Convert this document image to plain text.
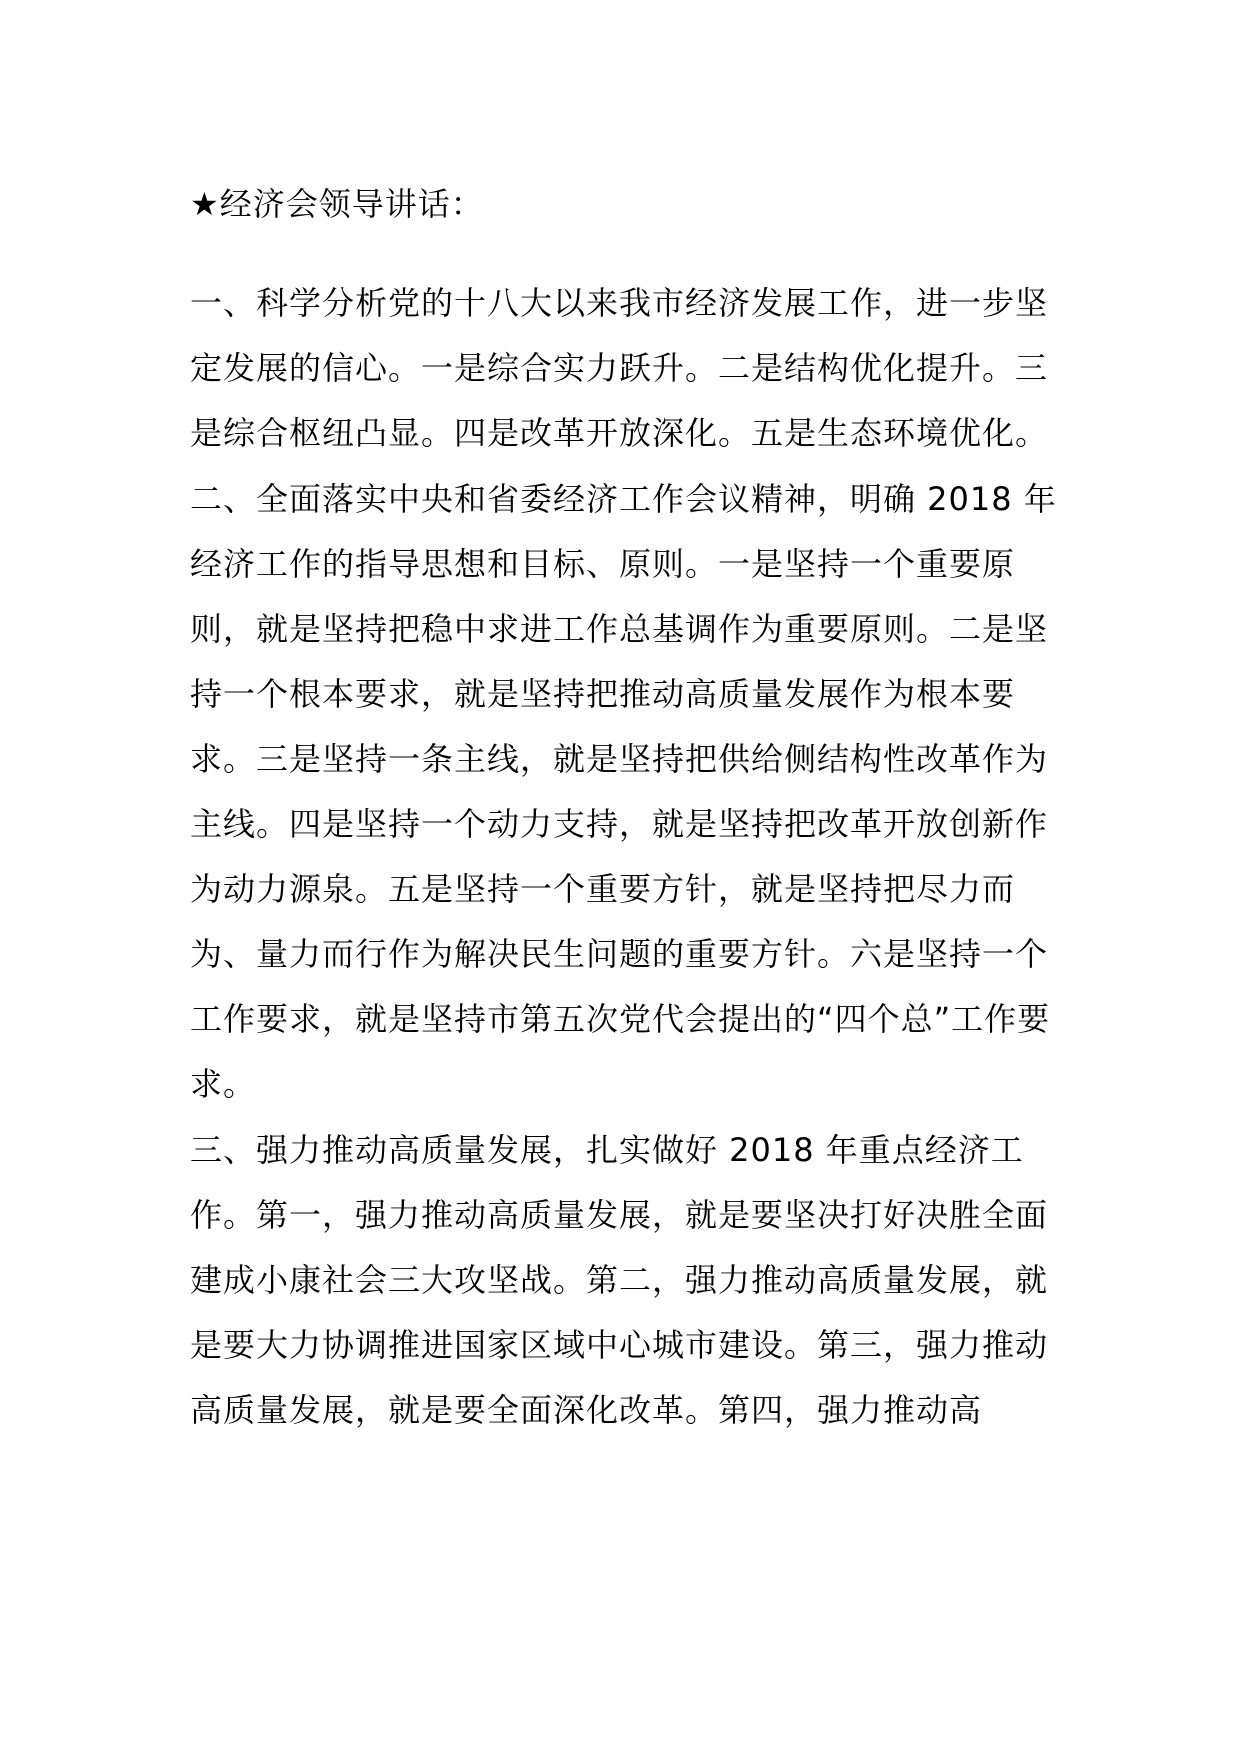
★经济会领导讲话：

一、科学分析党的十八大以来我市经济发展工作，进一步坚定发展的信心。一是综合实力跃升。二是结构优化提升。三是综合枢纽凸显。四是改革开放深化。五是生态环境优化。

二、全面落实中央和省委经济工作会议精神，明确 2018 年经济工作的指导思想和目标、原则。一是坚持一个重要原则，就是坚持把稳中求进工作总基调作为重要原则。二是坚持一个根本要求，就是坚持把推动高质量发展作为根本要求。三是坚持一条主线，就是坚持把供给侧结构性改革作为主线。四是坚持一个动力支持，就是坚持把改革开放创新作为动力源泉。五是坚持一个重要方针，就是坚持把尽力而为、量力而行作为解决民生问题的重要方针。六是坚持一个工作要求，就是坚持市第五次党代会提出的“四个总”工作要求。

三、强力推动高质量发展，扎实做好 2018 年重点经济工作。第一，强力推动高质量发展，就是要坚决打好决胜全面建成小康社会三大攻坚战。第二，强力推动高质量发展，就是要大力协调推进国家区域中心城市建设。第三，强力推动高质量发展，就是要全面深化改革。第四，强力推动高
